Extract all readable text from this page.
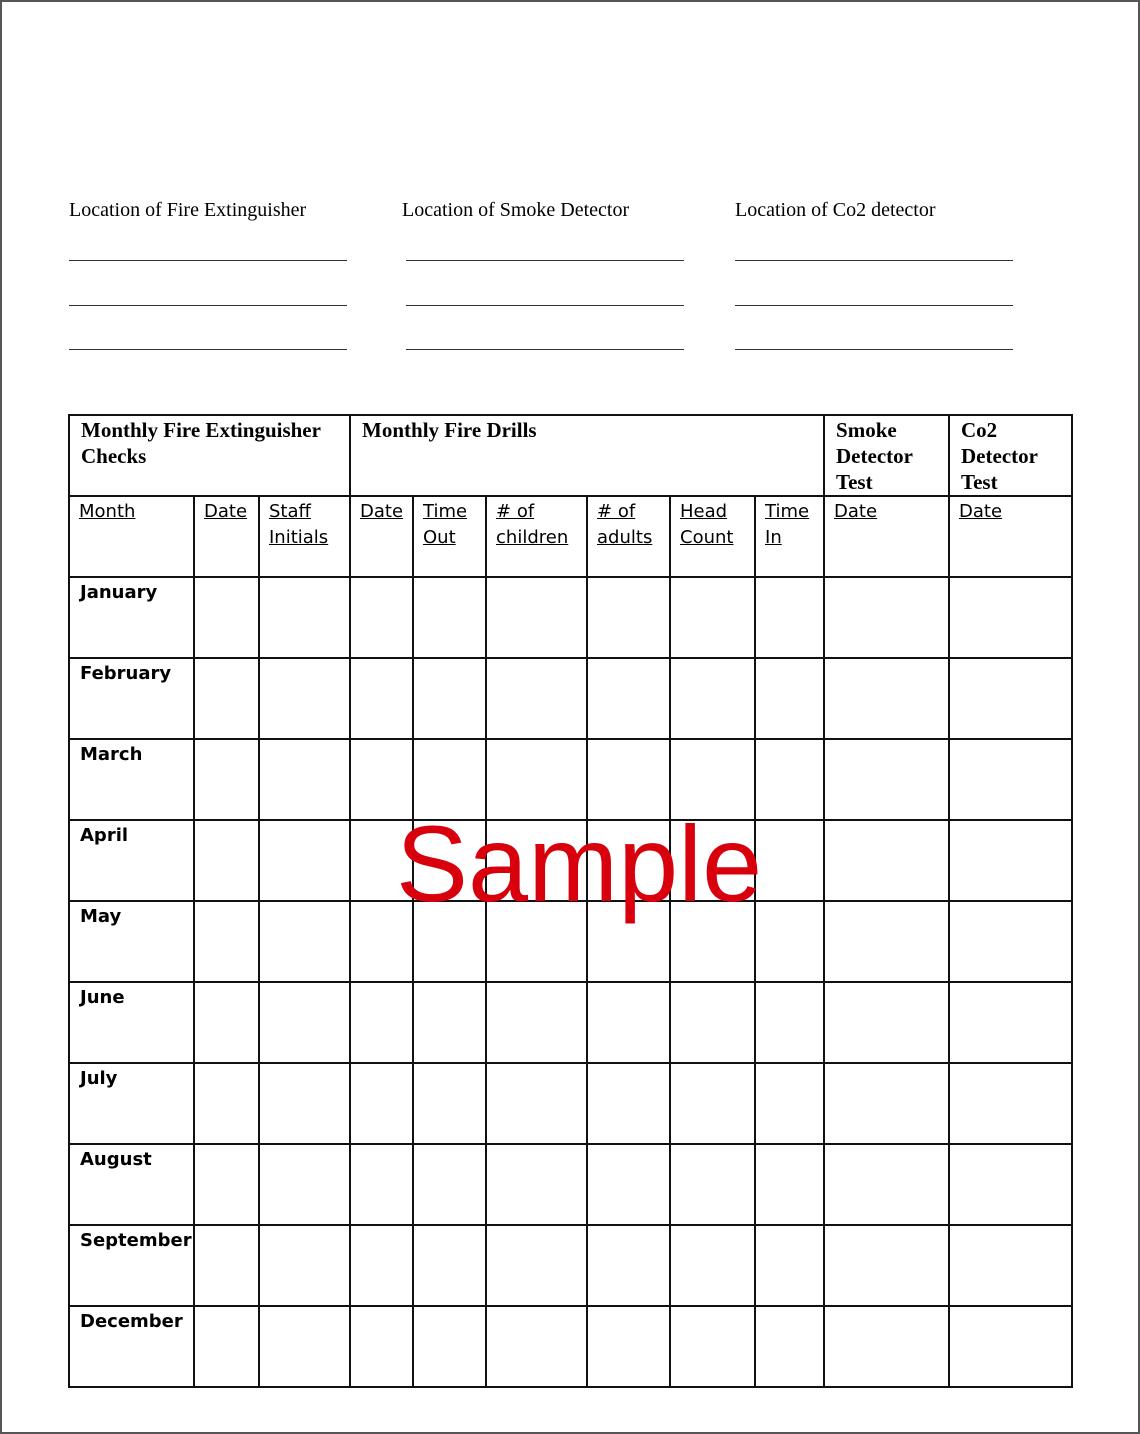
Location of Fire Extinguisher	Location of Smoke Detector	Location of Co2 detector
Monthly Fire Extinguisher Checks			Monthly Fire Drills						Smoke Detector Test	Co2 Detector Test
Month	Date	Staff Initials	Date	Time Out	# of children	# of adults	Head Count	Time In	Date	Date
January										
February										
March										
April										
May										
June										
July										
August										
September										
December										
Sample
